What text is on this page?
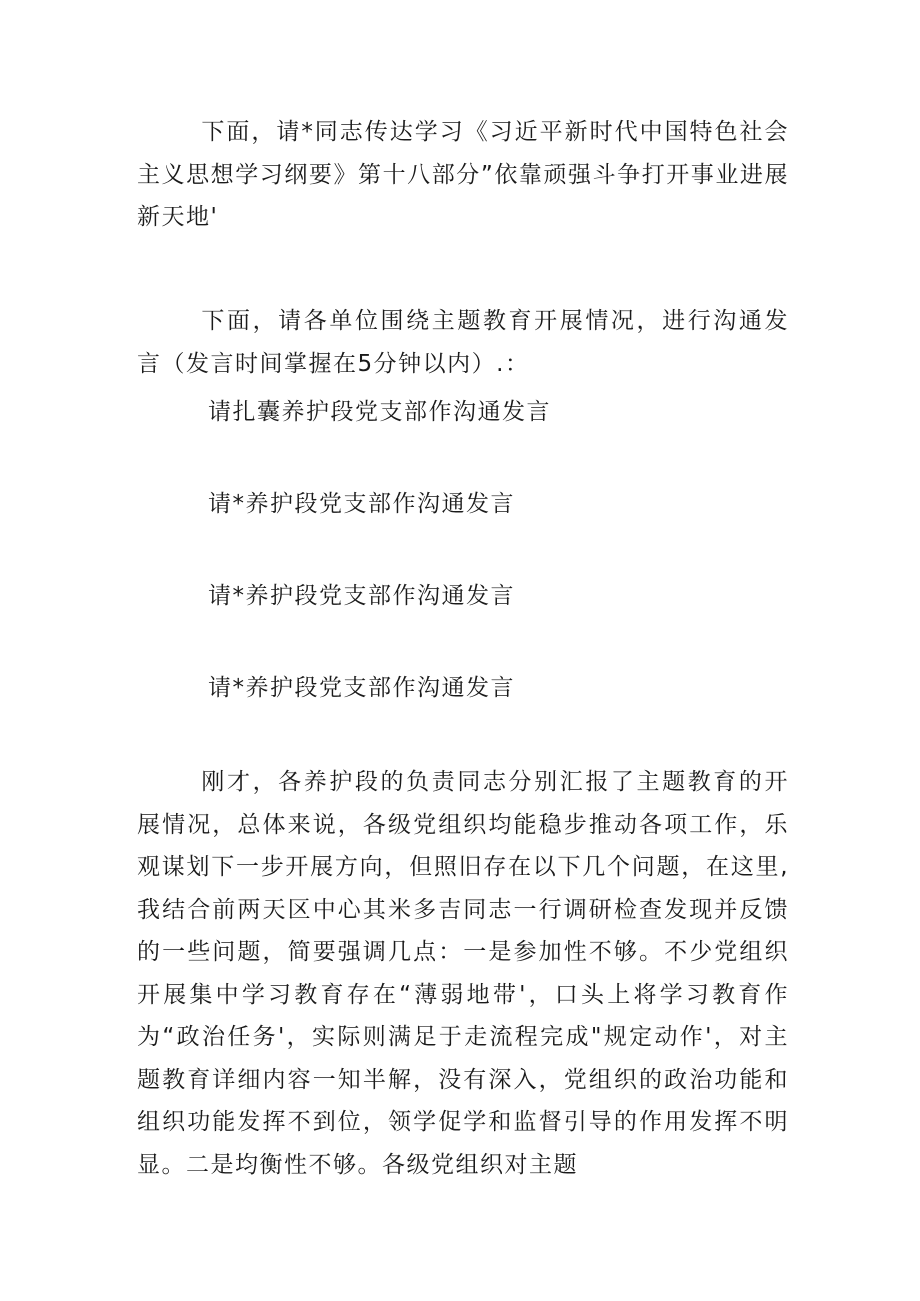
下面，请*同志传达学习《习近平新时代中国特色社会主义思想学习纲要》第十八部分”依靠顽强斗争打开事业进展新天地'

下面，请各单位围绕主题教育开展情况，进行沟通发言（发言时间掌握在5分钟以内）.：

请扎囊养护段党支部作沟通发言

请*养护段党支部作沟通发言

请*养护段党支部作沟通发言

请*养护段党支部作沟通发言

刚才，各养护段的负责同志分别汇报了主题教育的开展情况，总体来说，各级党组织均能稳步推动各项工作，乐观谋划下一步开展方向，但照旧存在以下几个问题，在这里,我结合前两天区中心其米多吉同志一行调研检查发现并反馈的一些问题，简要强调几点：一是参加性不够。不少党组织开展集中学习教育存在“薄弱地带'，口头上将学习教育作为“政治任务'，实际则满足于走流程完成"规定动作'，对主题教育详细内容一知半解，没有深入，党组织的政治功能和组织功能发挥不到位，领学促学和监督引导的作用发挥不明显。二是均衡性不够。各级党组织对主题
